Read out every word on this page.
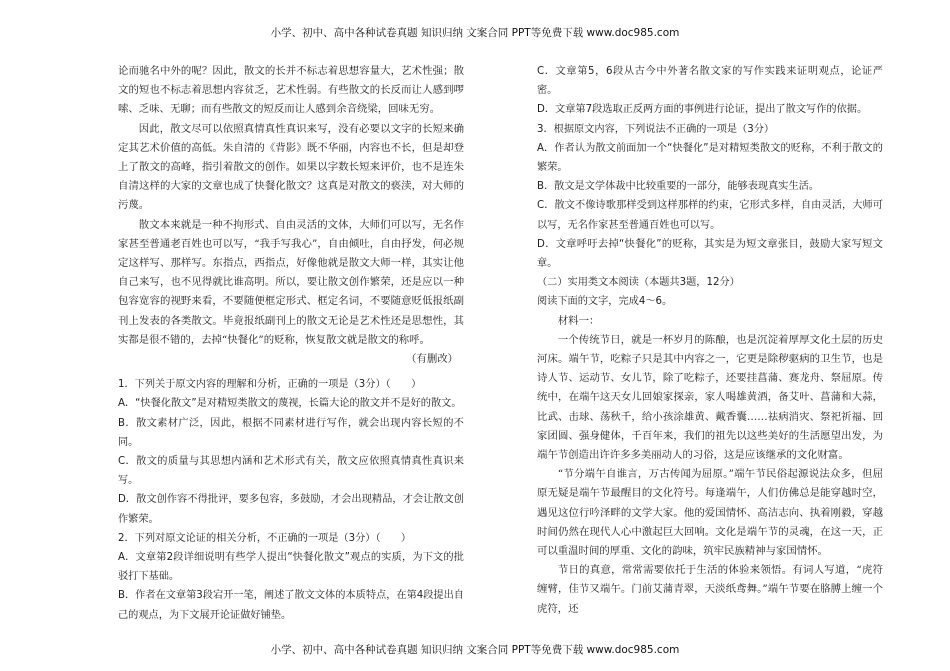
小学、初中、高中各种试卷真题 知识归纳 文案合同 PPT等免费下载 www.doc985.com

论而驰名中外的呢？因此，散文的长并不标志着思想容量大，艺术性强；散文的短也不标志着思想内容贫乏，艺术性弱。有些散文的长反而让人感到啰嗦、乏味、无聊；而有些散文的短反而让人感到余音绕梁，回味无穷。

因此，散文尽可以依照真情真性真识来写，没有必要以文字的长短来确定其艺术价值的高低。朱自清的《背影》既不华丽，内容也不长，但是却登上了散文的高峰，指引着散文的创作。如果以字数长短来评价，也不是连朱自清这样的大家的文章也成了快餐化散文？这真是对散文的亵渎，对大师的污蔑。

散文本来就是一种不拘形式、自由灵活的文体，大师们可以写，无名作家甚至普通老百姓也可以写，“我手写我心”，自由倾吐，自由抒发，何必规定这样写、那样写。东指点，西指点，好像他就是散文大师一样，其实让他自己来写，也不见得就比谁高明。所以，要让散文创作繁荣，还是应以一种包容宽容的视野来看，不要随便框定形式、框定名词，不要随意贬低报纸副刊上发表的各类散文。毕竟报纸副刊上的散文无论是艺术性还是思想性，其实都是很不错的，去掉“快餐化”的贬称，恢复散文就是散文的称呼。

（有删改）

1．下列关于原文内容的理解和分析，正确的一项是（3分）（　　）

A．“快餐化散文”是对精短类散文的蔑视，长篇大论的散文并不是好的散文。

B．散文素材广泛，因此，根据不同素材进行写作，就会出现内容长短的不同。

C．散文的质量与其思想内涵和艺术形式有关，散文应依照真情真性真识来写。

D．散文创作容不得批评，要多包容，多鼓励，才会出现精品，才会让散文创作繁荣。

2．下列对原文论证的相关分析，不正确的一项是（3分）（　　）

A．文章第2段详细说明有些学人提出“快餐化散文”观点的实质，为下文的批驳打下基础。

B．作者在文章第3段宕开一笔，阐述了散文文体的本质特点，在第4段提出自己的观点，为下文展开论证做好铺垫。

C．文章第5，6段从古今中外著名散文家的写作实践来证明观点，论证严密。

D．文章第7段选取正反两方面的事例进行论证，提出了散文写作的依据。

3．根据原文内容，下列说法不正确的一项是（3分）

A．作者认为散文前面加一个“快餐化”是对精短类散文的贬称，不利于散文的繁荣。

B．散文是文学体裁中比较重要的一部分，能够表现真实生活。

C．散文不像诗歌那样受到这样那样的约束，它形式多样，自由灵活，大师可以写，无名作家甚至普通百姓也可以写。

D．文章呼吁去掉“快餐化”的贬称，其实是为短文章张目，鼓励大家写短文章。

（二）实用类文本阅读（本题共3题，12分）

阅读下面的文字，完成4～6。

材料一：

一个传统节日，就是一杯岁月的陈酿，也是沉淀着厚厚文化土层的历史河床。端午节，吃粽子只是其中内容之一，它更是除秽驱病的卫生节，也是诗人节、运动节、女儿节，除了吃粽子，还要挂菖蒲、赛龙舟、祭屈原。传统中，在端午这天女儿回娘家探亲，家人喝雄黄酒，备艾叶、菖蒲和大蒜，比武、击球、荡秋千，给小孩涂雄黄、戴香囊……祛病消灾、祭祀祈福、回家团圆、强身健体，千百年来，我们的祖先以这些美好的生活愿望出发，为端午节创造出许许多多美丽动人的习俗，这是应该继承的文化财富。

“节分端午自谁言，万古传闻为屈原。”端午节民俗起源说法众多，但屈原无疑是端午节最醒目的文化符号。每逢端午，人们仿佛总是能穿越时空，遇见这位行吟泽畔的文学大家。他的爱国情怀、高洁志向、执着刚毅，穿越时间仍然在现代人心中激起巨大回响。文化是端午节的灵魂，在这一天，正可以重温时间的厚重、文化的韵味，筑牢民族精神与家国情怀。

节日的真意，常常需要依托于生活的体验来领悟。有词人写道，“虎符缠臂，佳节又端午。门前艾蒲青翠，天淡纸鸢舞。”端午节要在胳膊上缠一个虎符，还

小学、初中、高中各种试卷真题 知识归纳 文案合同 PPT等免费下载 www.doc985.com
